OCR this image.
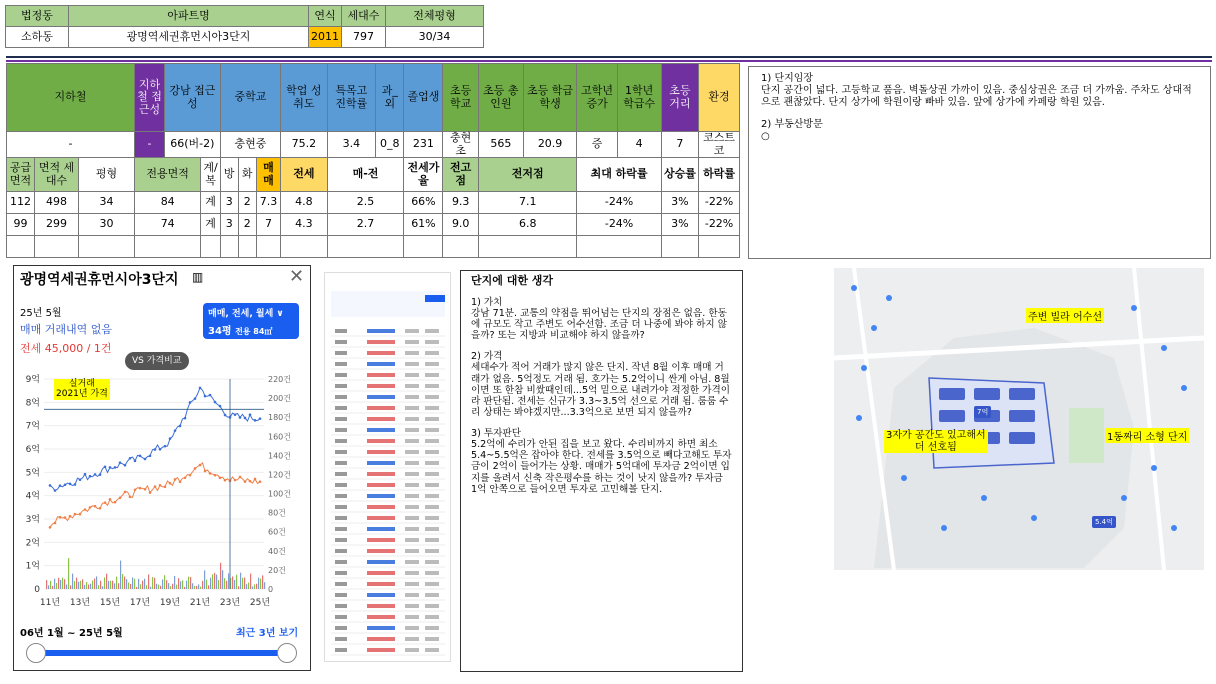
법정동	아파트명	연식	세대수	전체평형
소하동	광명역세권휴먼시아3단지	2011	797	30/34
지하철			지하철 접근성	강남 접근성		중학교			학업 성취도	특목고 진학률	과_외	졸업생	초등학교	초등 총인원	초등 학급 학생	고학년 증가	1학년 학급수	초등 거리	환경
-			-	66(버-2)		충현중			75.2	3.4	0_8	231	충현초	565	20.9	증	4	7	코스트코
공급면적	면적 세대수	평형	전용면적		계/복	방	화	매매	전세	매-전		전세가율	전고점	전저점		최대 하락률		상승률	하락률
112	498	34	84		계	3	2	7.3	4.8	2.5		66%	9.3	7.1		-24%		3%	-22%
99	299	30	74		계	3	2	7	4.3	2.7		61%	9.0	6.8		-24%		3%	-22%

1) 단지임장
단지 공간이 넓다. 고등학교 품음. 벽돌상권 가까이 있음. 중심상권은 조금 더 가까움. 주차도 상대적으로 괜찮았다. 단지 상가에 학원이랑 빠바 있음. 앞에 상가에 카페랑 학원 있음.
2) 부동산방문
○
광명역세권휴먼시아3단지 ▥	✕
25년 5월
매매 거래내역 없음
전세 45,000 / 1건
매매, 전세, 월세 ∨
34평 전용 84㎡
VS 가격비교
9억
8억
7억
6억
5억
4억
3억
2억
1억
0
220건
200건
180건
160건
140건
120건
100건
80건
60건
40건
20건
0
11년 13년 15년 17년 19년 21년 23년 25년
실거래
2021년 가격
06년 1월 ~ 25년 5월	최근 3년 보기
단지에 대한 생각
1) 가치
강남 71분. 교통의 약점을 뛰어넘는 단지의 장점은 없음. 한동에 규모도 작고 주변도 어수선함. 조금 더 나중에 봐야 하지 않을까? 또는 지방과 비교해야 하지 않을까?
2) 가격
세대수가 적어 거래가 많지 않은 단지. 작년 8월 이후 매매 거래가 없음. 5억정도 거래 됨. 호가는 5.2억이니 싼게 아님. 8월이면 또 한참 비쌌때인데...5억 밑으로 내려가야 적정한 가격이라 판단됨. 전세는 신규가 3.3~3.5억 선으로 거래 됨. 룸룸 수리 상태는 봐야겠지만...3.3억으로 보면 되지 않을까?
3) 투자판단
5.2억에 수리가 안된 집을 보고 왔다. 수리비까지 하면 최소 5.4~5.5억은 잡아야 한다. 전세를 3.5억으로 빼다고해도 투자금이 2억이 들어가는 상황. 매매가 5억대에 투자금 2억이면 입지를 올려서 신축 작은평수를 하는 것이 낫지 않을까? 투자금 1억 안쪽으로 들어오면 투자로 고민해볼 단지.
주변 빌라 어수선
3자가 공간도 있고해서
더 선호됨
1동짜리 소형 단지
7억
5.4억
